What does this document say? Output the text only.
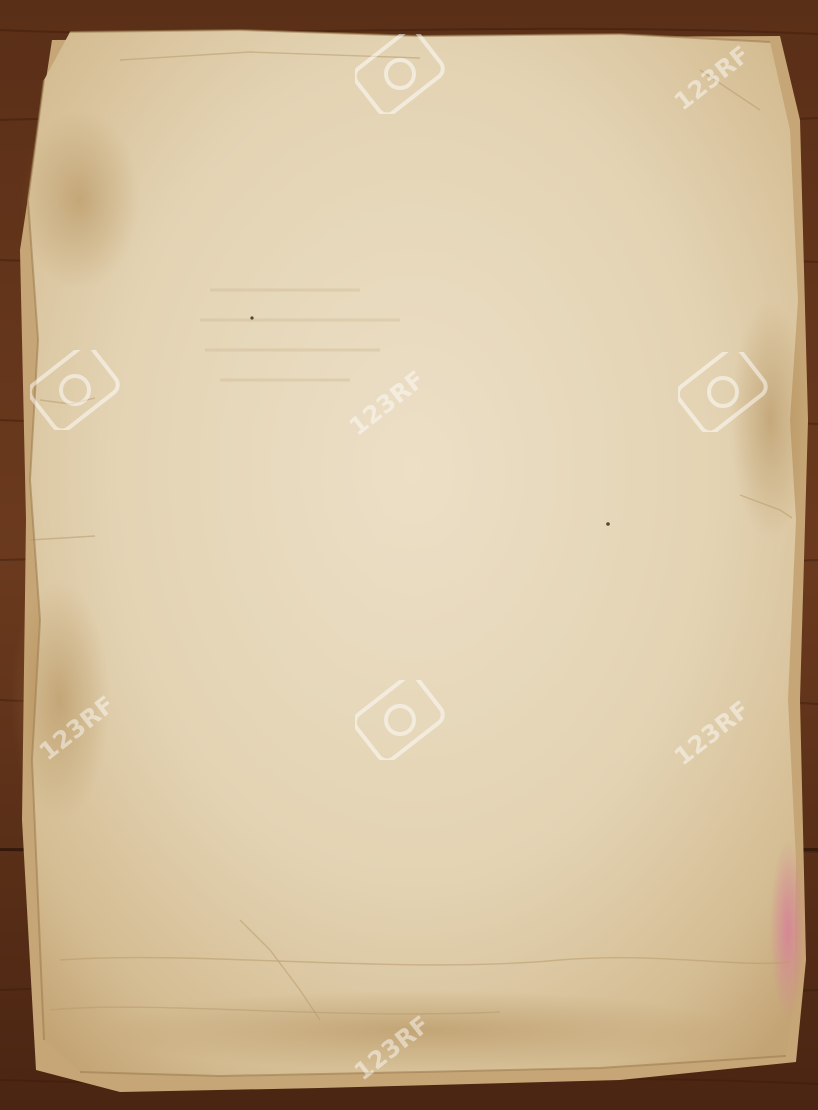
123RF
123RF
123RF	123RF
123RF
